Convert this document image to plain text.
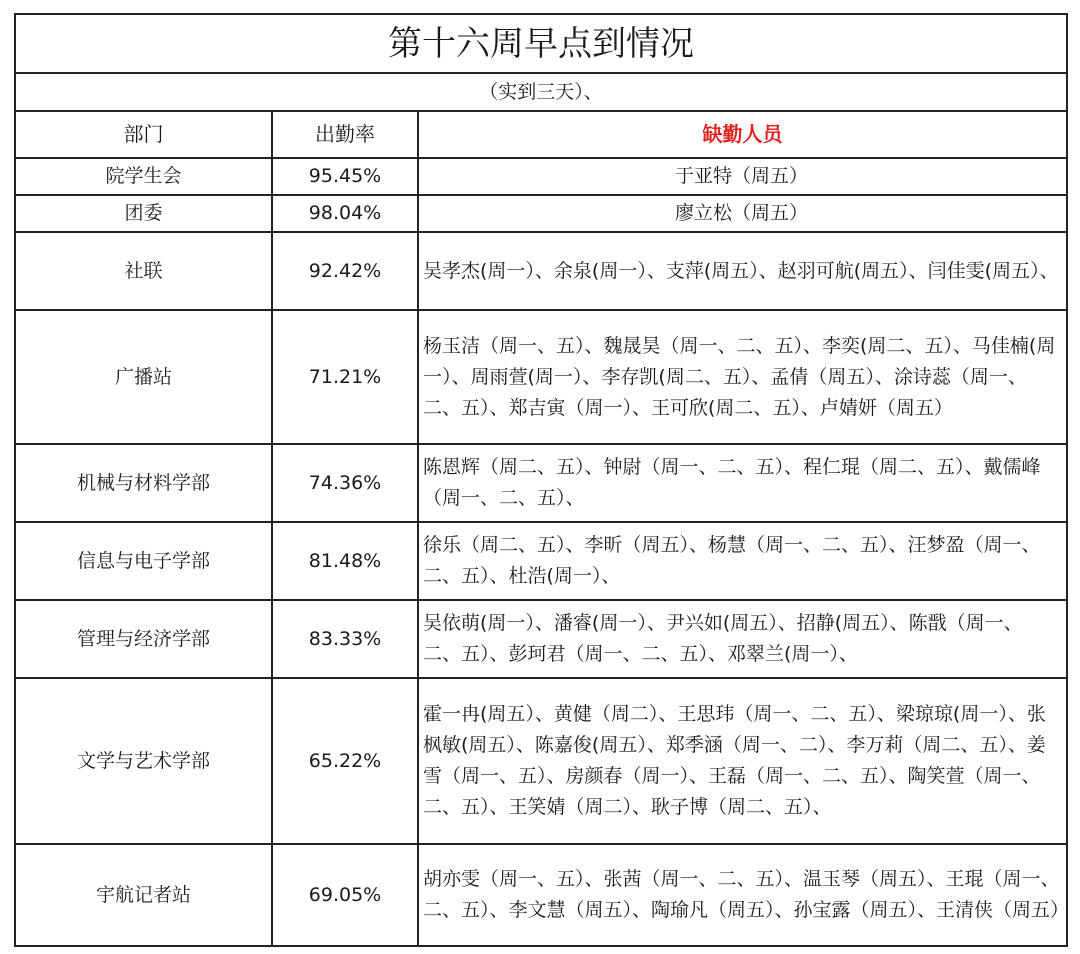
第十六周早点到情况		
（实到三天）、		
部门	出勤率	缺勤人员
院学生会	95.45%	于亚特（周五）
团委	98.04%	廖立松（周五）
社联	92.42%	吴孝杰(周一）、余泉(周一）、支萍(周五）、赵羽可航(周五）、闫佳雯(周五）、
广播站	71.21%	杨玉洁（周一、五）、魏晟昊（周一、二、五）、李奕(周二、五）、马佳楠(周一）、周雨萱(周一）、李存凯(周二、五）、孟倩（周五）、涂诗蕊（周一、二、五）、郑吉寅（周一）、王可欣(周二、五）、卢婧妍（周五）
机械与材料学部	74.36%	陈恩辉（周二、五）、钟尉（周一、二、五）、程仁琨（周二、五）、戴儒峰（周一、二、五）、
信息与电子学部	81.48%	徐乐（周二、五）、李昕（周五）、杨慧（周一、二、五）、汪梦盈（周一、二、五）、杜浩(周一）、
管理与经济学部	83.33%	吴依萌(周一）、潘睿(周一）、尹兴如(周五）、招静(周五）、陈戬（周一、二、五）、彭珂君（周一、二、五）、邓翠兰(周一）、
文学与艺术学部	65.22%	霍一冉(周五）、黄健（周二）、王思玮（周一、二、五）、梁琼琼(周一）、张枫敏(周五）、陈嘉俊(周五）、郑季涵（周一、二）、李万莉（周二、五）、姜雪（周一、五）、房颜春（周一）、王磊（周一、二、五）、陶笑萱（周一、二、五）、王笑婧（周二）、耿子博（周二、五）、
宇航记者站	69.05%	胡亦雯（周一、五）、张茜（周一、二、五）、温玉琴（周五）、王琨（周一、二、五）、李文慧（周五）、陶瑜凡（周五）、孙宝露（周五）、王清侠（周五）
